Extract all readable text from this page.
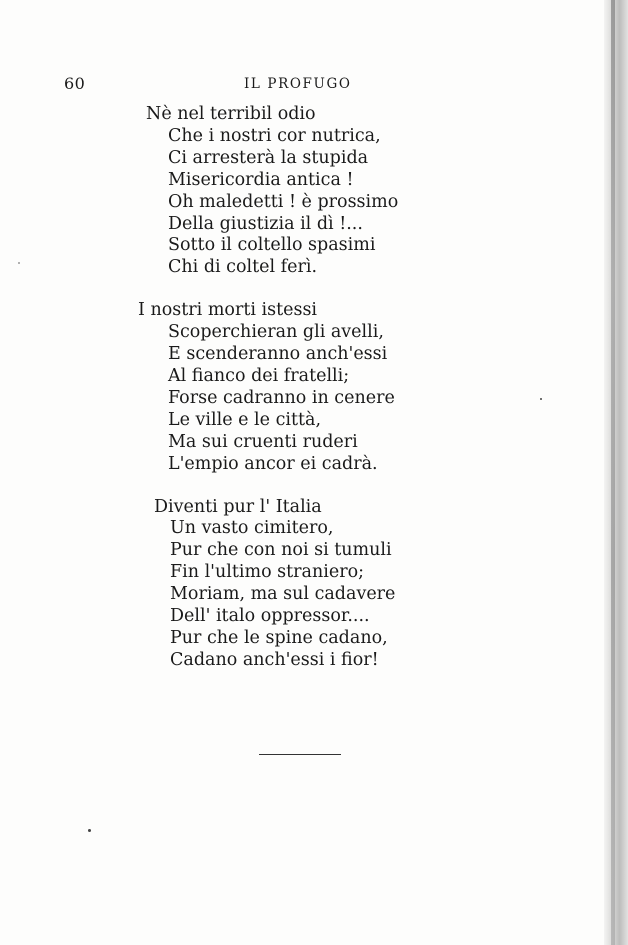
60	IL PROFUGO
Nè nel terribil odio
Che i nostri cor nutrica,
Ci arresterà la stupida
Misericordia antica !
Oh maledetti ! è prossimo
Della giustizia il dì !...
Sotto il coltello spasimi
Chi di coltel ferì.
I nostri morti istessi
Scoperchieran gli avelli,
E scenderanno anch'essi
Al fianco dei fratelli;
Forse cadranno in cenere
Le ville e le città,
Ma sui cruenti ruderi
L'empio ancor ei cadrà.
Diventi pur l' Italia
Un vasto cimitero,
Pur che con noi si tumuli
Fin l'ultimo straniero;
Moriam, ma sul cadavere
Dell' italo oppressor....
Pur che le spine cadano,
Cadano anch'essi i fior!
